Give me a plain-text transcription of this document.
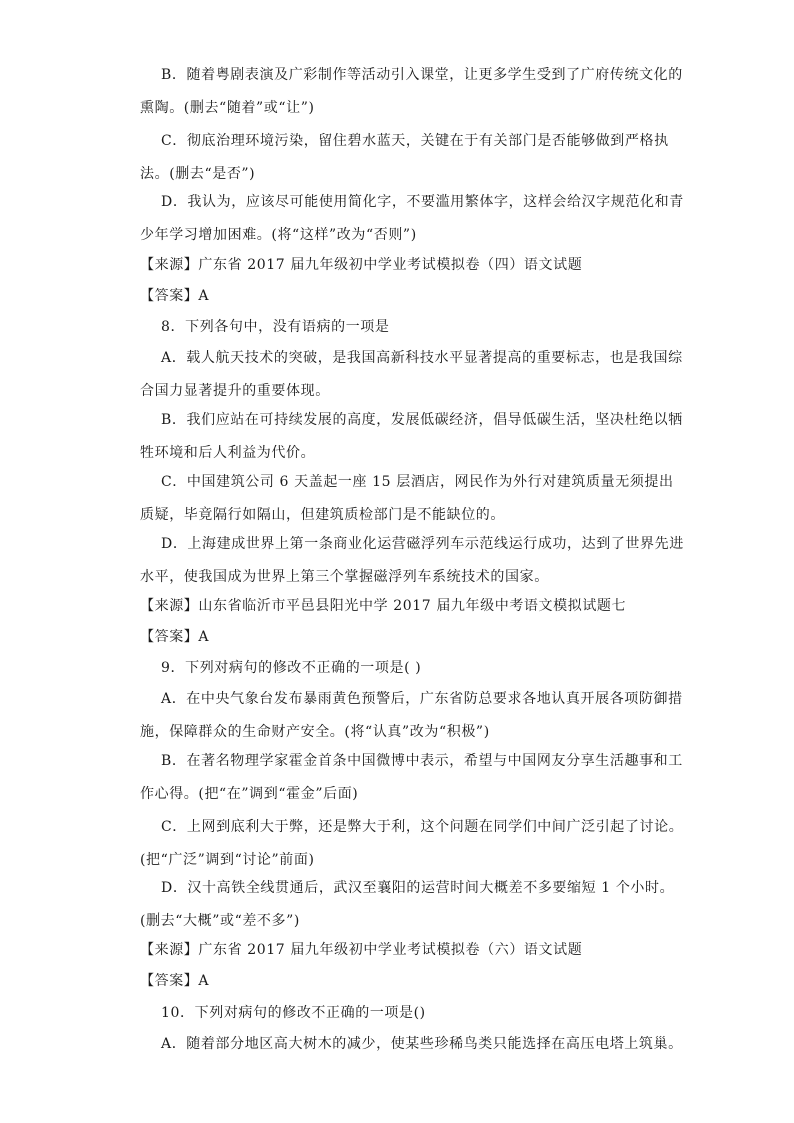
B．随着粤剧表演及广彩制作等活动引入课堂，让更多学生受到了广府传统文化的熏陶。(删去“随着”或“让”)
C．彻底治理环境污染，留住碧水蓝天，关键在于有关部门是否能够做到严格执法。(删去“是否”)
D．我认为，应该尽可能使用简化字，不要滥用繁体字，这样会给汉字规范化和青少年学习增加困难。(将“这样”改为“否则”)
【来源】广东省 2017 届九年级初中学业考试模拟卷（四）语文试题
【答案】A
8．下列各句中，没有语病的一项是
A．载人航天技术的突破，是我国高新科技水平显著提高的重要标志，也是我国综合国力显著提升的重要体现。
B．我们应站在可持续发展的高度，发展低碳经济，倡导低碳生活，坚决杜绝以牺牲环境和后人利益为代价。
C．中国建筑公司 6 天盖起一座 15 层酒店，网民作为外行对建筑质量无须提出质疑，毕竟隔行如隔山，但建筑质检部门是不能缺位的。
D．上海建成世界上第一条商业化运营磁浮列车示范线运行成功，达到了世界先进水平，使我国成为世界上第三个掌握磁浮列车系统技术的国家。
【来源】山东省临沂市平邑县阳光中学 2017 届九年级中考语文模拟试题七
【答案】A
9．下列对病句的修改不正确的一项是( )
A．在中央气象台发布暴雨黄色预警后，广东省防总要求各地认真开展各项防御措施，保障群众的生命财产安全。(将“认真”改为“积极”)
B．在著名物理学家霍金首条中国微博中表示，希望与中国网友分享生活趣事和工作心得。(把“在”调到“霍金”后面)
C．上网到底利大于弊，还是弊大于利，这个问题在同学们中间广泛引起了讨论。(把“广泛”调到“讨论”前面)
D．汉十高铁全线贯通后，武汉至襄阳的运营时间大概差不多要缩短 1 个小时。(删去“大概”或“差不多”)
【来源】广东省 2017 届九年级初中学业考试模拟卷（六）语文试题
【答案】A
10．下列对病句的修改不正确的一项是()
A．随着部分地区高大树木的减少，使某些珍稀鸟类只能选择在高压电塔上筑巢。
